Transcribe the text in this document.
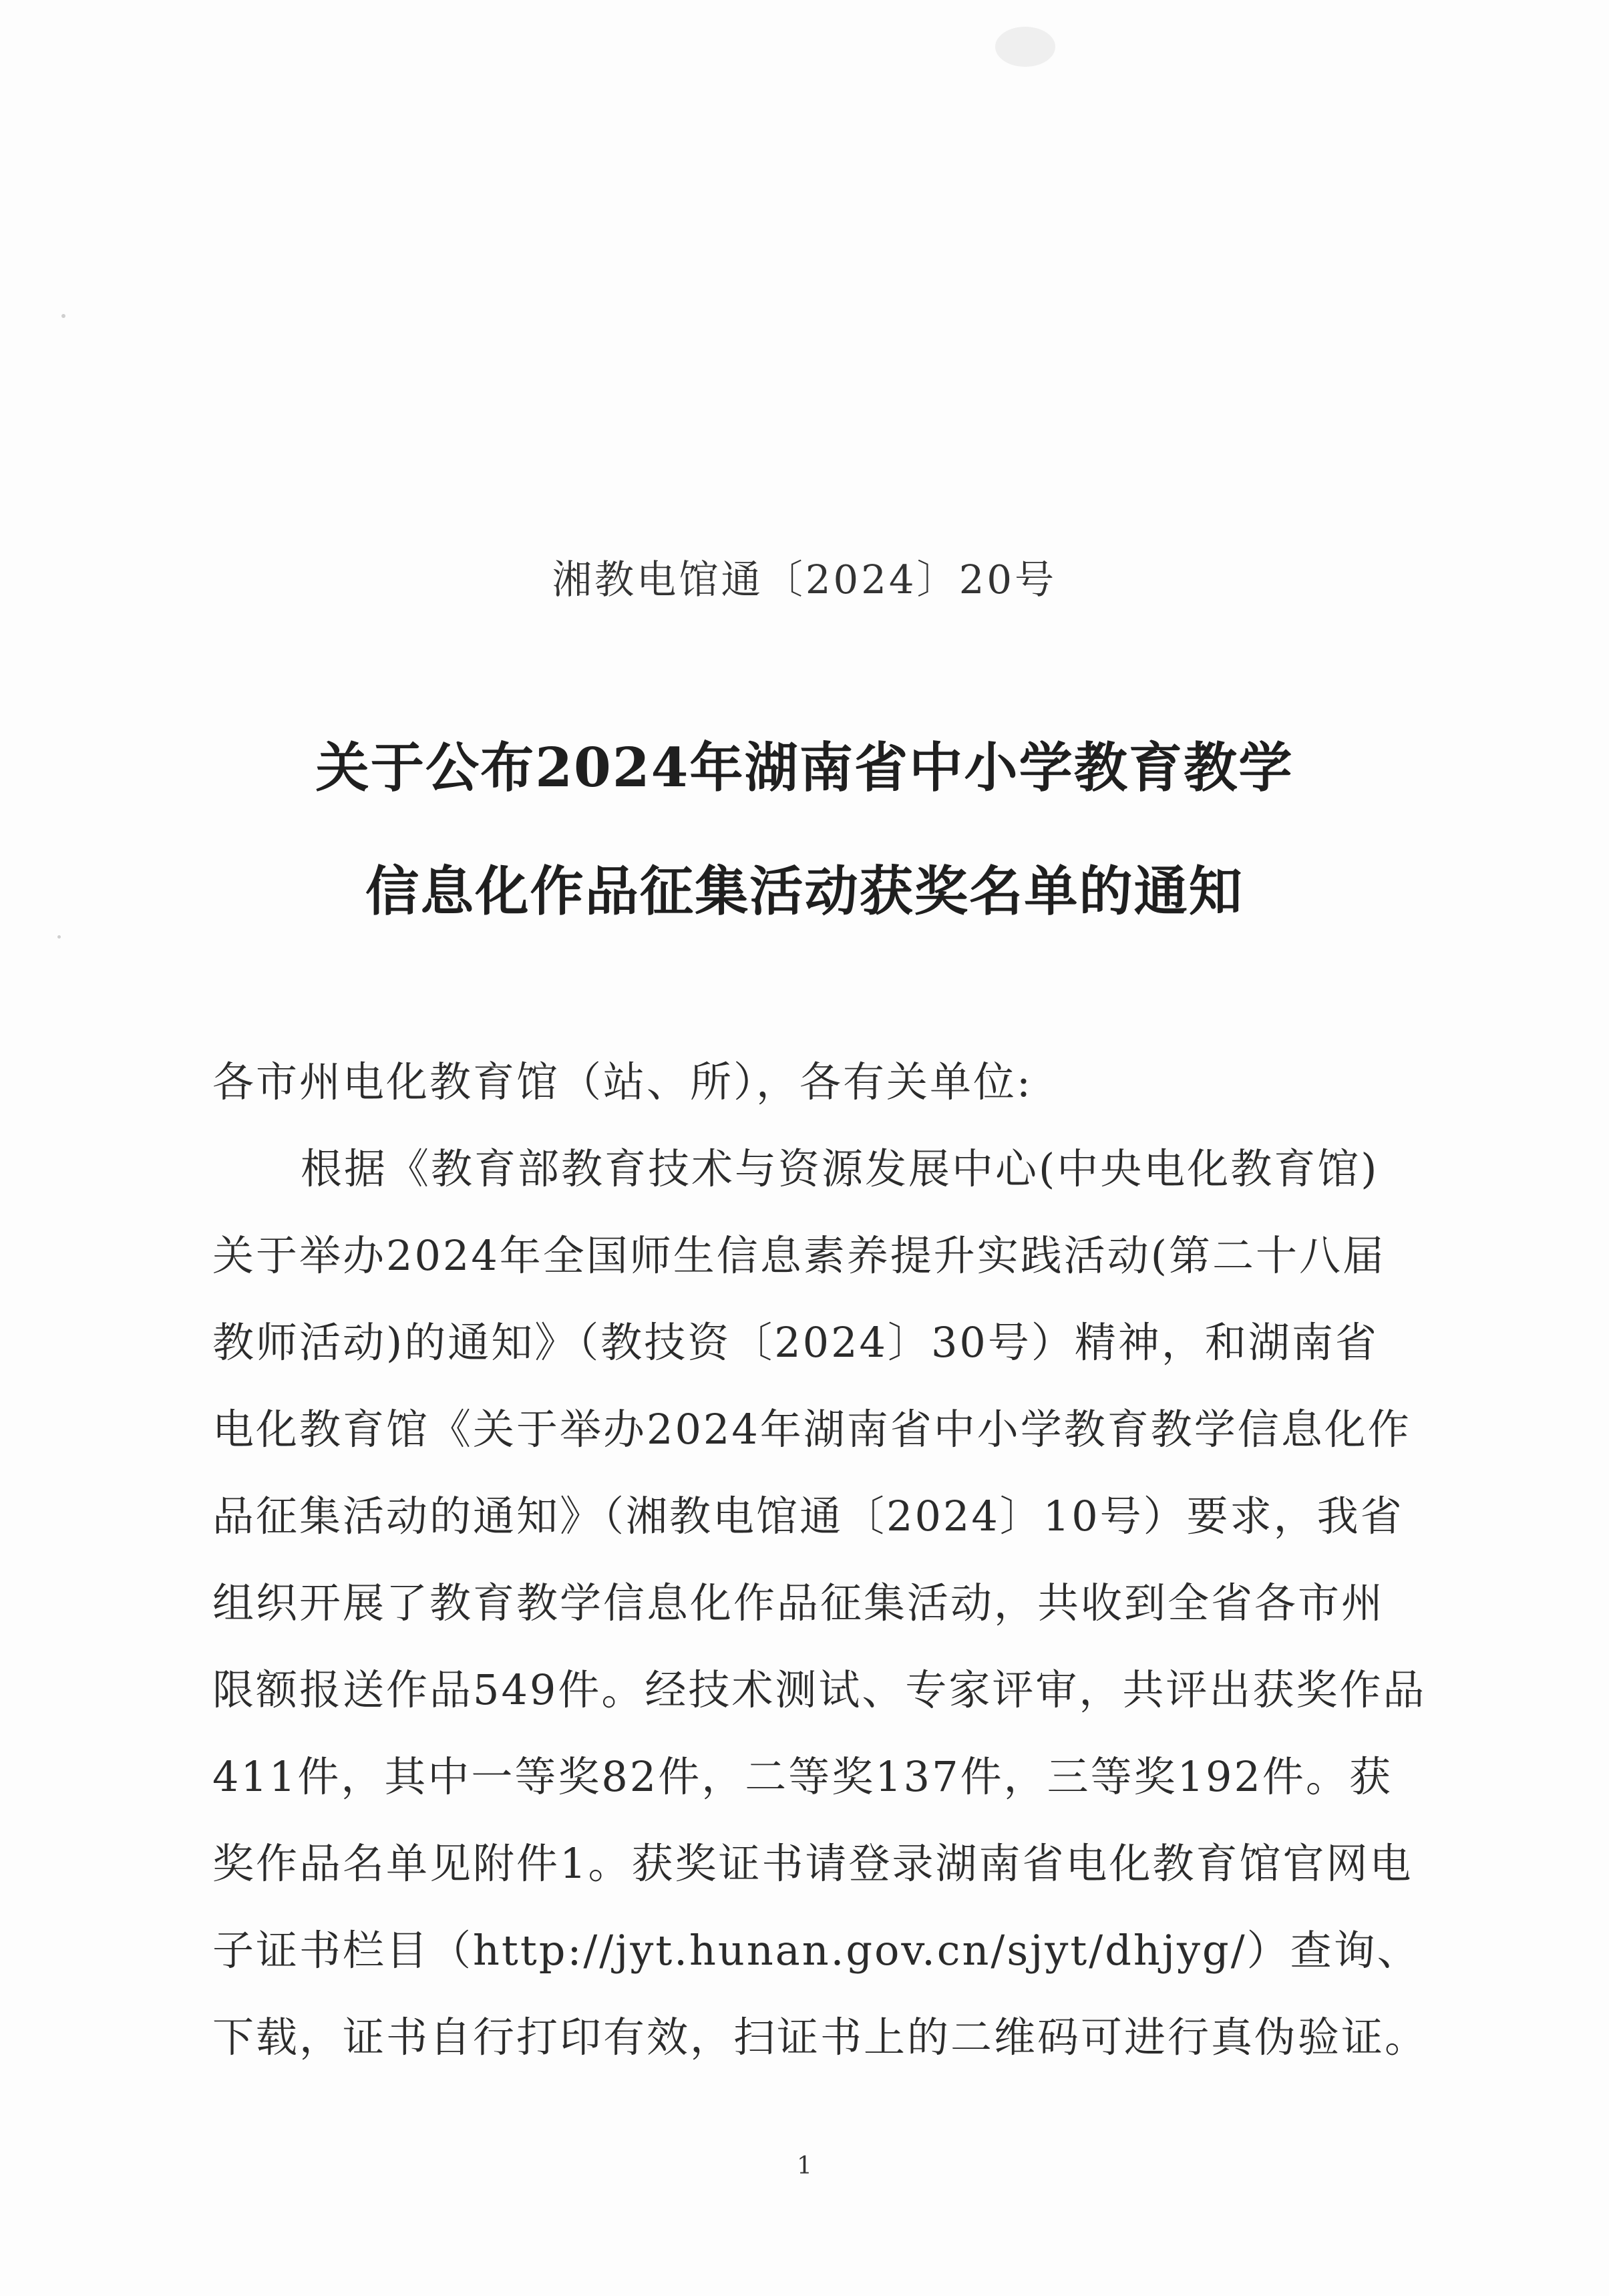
湘教电馆通〔2024〕20号
关于公布2024年湖南省中小学教育教学
信息化作品征集活动获奖名单的通知
各市州电化教育馆（站、所），各有关单位:
根据《教育部教育技术与资源发展中心(中央电化教育馆)
关于举办2024年全国师生信息素养提升实践活动(第二十八届
教师活动)的通知》（教技资〔2024〕30号）精神，和湖南省
电化教育馆《关于举办2024年湖南省中小学教育教学信息化作
品征集活动的通知》（湘教电馆通〔2024〕10号）要求，我省
组织开展了教育教学信息化作品征集活动，共收到全省各市州
限额报送作品549件。经技术测试、专家评审，共评出获奖作品
411件，其中一等奖82件，二等奖137件，三等奖192件。获
奖作品名单见附件1。获奖证书请登录湖南省电化教育馆官网电
子证书栏目（http://jyt.hunan.gov.cn/sjyt/dhjyg/）查询、
下载，证书自行打印有效，扫证书上的二维码可进行真伪验证。
1
